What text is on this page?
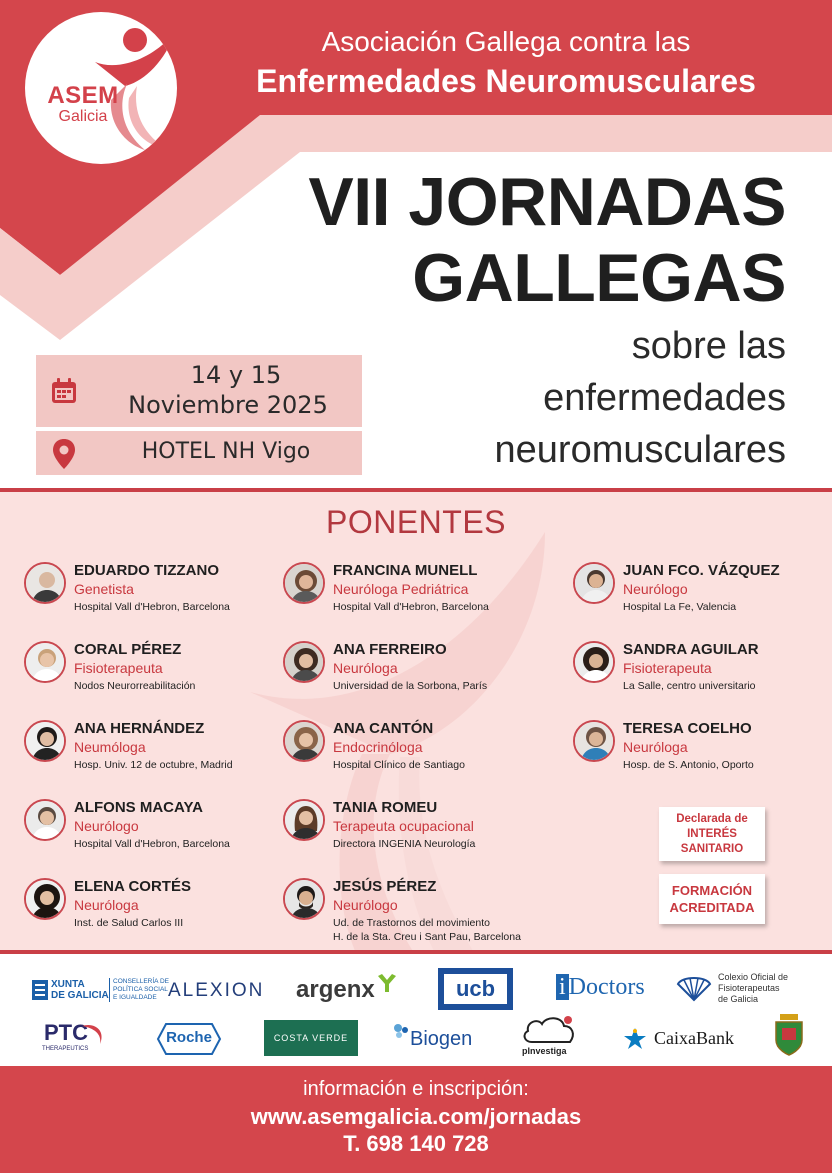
ASEM
Galicia
Asociación Gallega contra las
Enfermedades Neuromusculares
VII JORNADAS
GALLEGAS
sobre las
enfermedades
neuromusculares
14 y 15
Noviembre 2025
HOTEL NH Vigo
PONENTES
EDUARDO TIZZANO
Genetista
Hospital Vall d'Hebron, Barcelona
FRANCINA MUNELL
Neuróloga Pedriátrica
Hospital Vall d'Hebron, Barcelona
JUAN FCO. VÁZQUEZ
Neurólogo
Hospital La Fe, Valencia
CORAL PÉREZ
Fisioterapeuta
Nodos Neurorreabilitación
ANA FERREIRO
Neuróloga
Universidad de la Sorbona, París
SANDRA AGUILAR
Fisioterapeuta
La Salle, centro universitario
ANA HERNÁNDEZ
Neumóloga
Hosp. Univ. 12 de octubre, Madrid
ANA CANTÓN
Endocrinóloga
Hospital Clínico de Santiago
TERESA COELHO
Neuróloga
Hosp. de S. Antonio, Oporto
ALFONS MACAYA
Neurólogo
Hospital Vall d'Hebron, Barcelona
TANIA ROMEU
Terapeuta ocupacional
Directora INGENIA Neurología
ELENA CORTÉS
Neuróloga
Inst. de Salud Carlos III
JESÚS PÉREZ
Neurólogo
Ud. de Trastornos del movimiento
H. de la Sta. Creu i Sant Pau, Barcelona
Declarada de
INTERÉS
SANITARIO
FORMACIÓN
ACREDITADA
XUNTA
DE GALICIA
CONSELLERÍA DE
POLÍTICA SOCIAL
E IGUALDADE ALEXION argenx	ucb	i Doctors	Colexio Oficial de
Fisioterapeutas
de Galicia
PTC
THERAPEUTICS
Roche	COSTA VERDE	Biogen
pInvestiga
CaixaBank
información e inscripción:
www.asemgalicia.com/jornadas
T. 698 140 728
